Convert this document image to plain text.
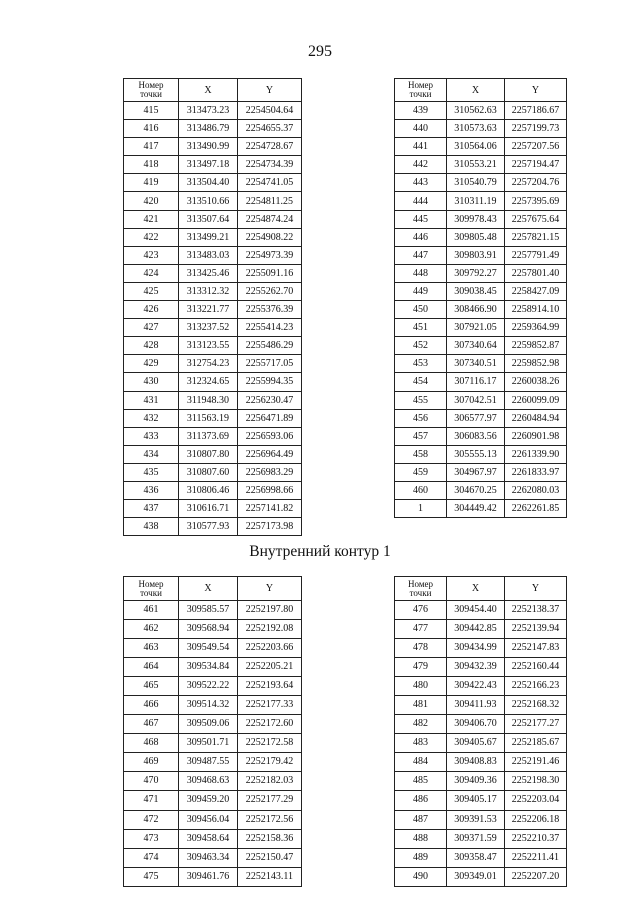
295
Номер
точки	X	Y
415	313473.23	2254504.64
416	313486.79	2254655.37
417	313490.99	2254728.67
418	313497.18	2254734.39
419	313504.40	2254741.05
420	313510.66	2254811.25
421	313507.64	2254874.24
422	313499.21	2254908.22
423	313483.03	2254973.39
424	313425.46	2255091.16
425	313312.32	2255262.70
426	313221.77	2255376.39
427	313237.52	2255414.23
428	313123.55	2255486.29
429	312754.23	2255717.05
430	312324.65	2255994.35
431	311948.30	2256230.47
432	311563.19	2256471.89
433	311373.69	2256593.06
434	310807.80	2256964.49
435	310807.60	2256983.29
436	310806.46	2256998.66
437	310616.71	2257141.82
438	310577.93	2257173.98
Номер
точки	X	Y
439	310562.63	2257186.67
440	310573.63	2257199.73
441	310564.06	2257207.56
442	310553.21	2257194.47
443	310540.79	2257204.76
444	310311.19	2257395.69
445	309978.43	2257675.64
446	309805.48	2257821.15
447	309803.91	2257791.49
448	309792.27	2257801.40
449	309038.45	2258427.09
450	308466.90	2258914.10
451	307921.05	2259364.99
452	307340.64	2259852.87
453	307340.51	2259852.98
454	307116.17	2260038.26
455	307042.51	2260099.09
456	306577.97	2260484.94
457	306083.56	2260901.98
458	305555.13	2261339.90
459	304967.97	2261833.97
460	304670.25	2262080.03
1	304449.42	2262261.85
Внутренний контур 1
Номер
точки	X	Y
461	309585.57	2252197.80
462	309568.94	2252192.08
463	309549.54	2252203.66
464	309534.84	2252205.21
465	309522.22	2252193.64
466	309514.32	2252177.33
467	309509.06	2252172.60
468	309501.71	2252172.58
469	309487.55	2252179.42
470	309468.63	2252182.03
471	309459.20	2252177.29
472	309456.04	2252172.56
473	309458.64	2252158.36
474	309463.34	2252150.47
475	309461.76	2252143.11
Номер
точки	X	Y
476	309454.40	2252138.37
477	309442.85	2252139.94
478	309434.99	2252147.83
479	309432.39	2252160.44
480	309422.43	2252166.23
481	309411.93	2252168.32
482	309406.70	2252177.27
483	309405.67	2252185.67
484	309408.83	2252191.46
485	309409.36	2252198.30
486	309405.17	2252203.04
487	309391.53	2252206.18
488	309371.59	2252210.37
489	309358.47	2252211.41
490	309349.01	2252207.20
